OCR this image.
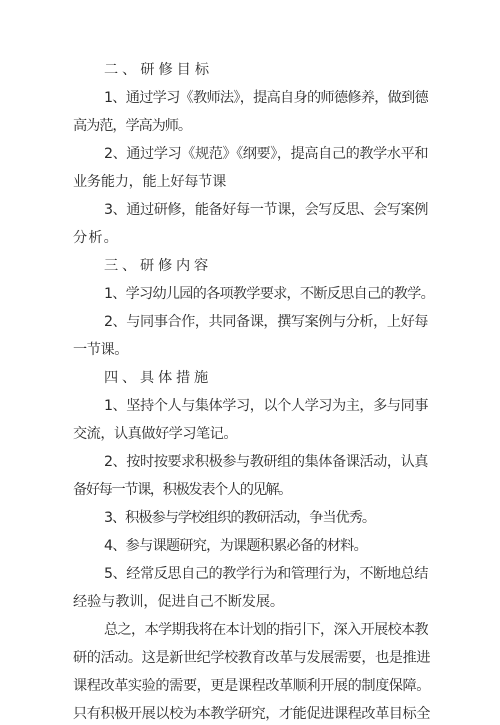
二、研修目标
1、通过学习《教师法》，提高自身的师德修养，做到德
高为范，学高为师。
2、通过学习《规范》《纲要》，提高自己的教学水平和
业务能力，能上好每节课
3、通过研修，能备好每一节课，会写反思、会写案例
分析。
三、研修内容
1、学习幼儿园的各项教学要求，不断反思自己的教学。
2、与同事合作，共同备课，撰写案例与分析，上好每
一节课。
四、具体措施
1、坚持个人与集体学习，以个人学习为主，多与同事
交流，认真做好学习笔记。
2、按时按要求积极参与教研组的集体备课活动，认真
备好每一节课，积极发表个人的见解。
3、积极参与学校组织的教研活动，争当优秀。
4、参与课题研究，为课题积累必备的材料。
5、经常反思自己的教学行为和管理行为，不断地总结
经验与教训，促进自己不断发展。
总之，本学期我将在本计划的指引下，深入开展校本教
研的活动。这是新世纪学校教育改革与发展需要，也是推进
课程改革实验的需要，更是课程改革顺利开展的制度保障。
只有积极开展以校为本教学研究，才能促进课程改革目标全
